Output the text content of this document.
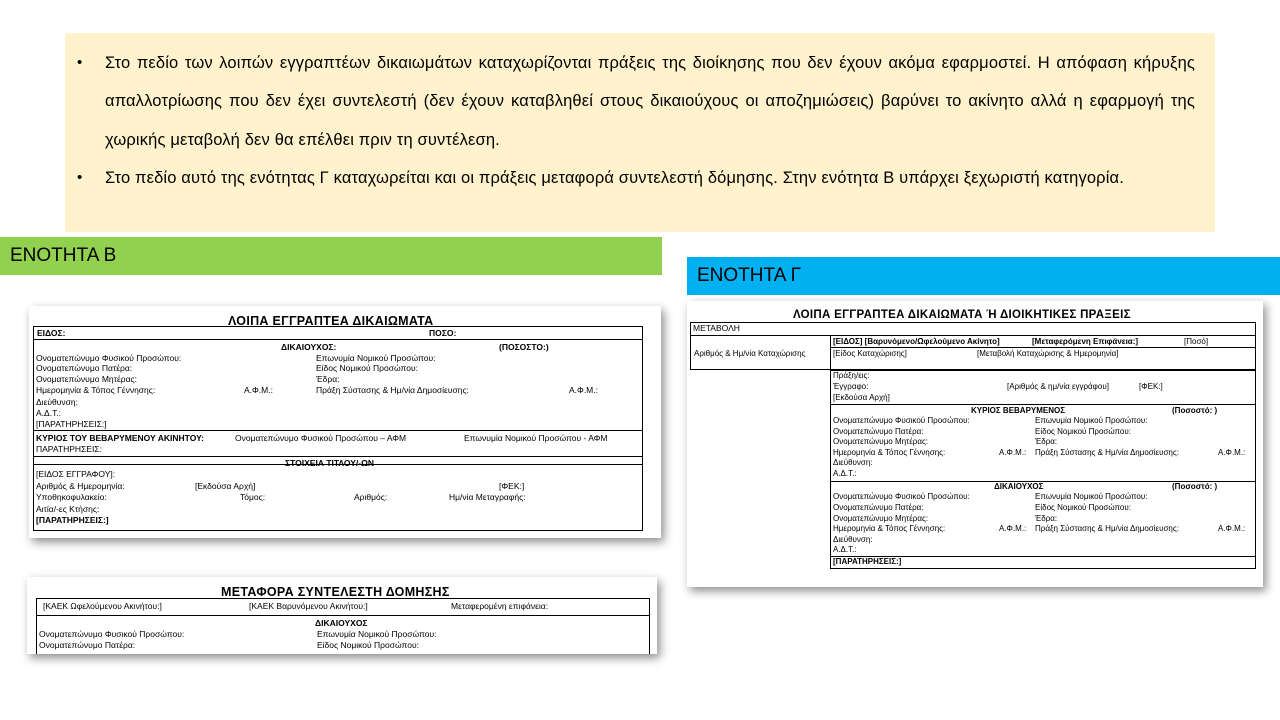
• Στο πεδίο των λοιπών εγγραπτέων δικαιωμάτων καταχωρίζονται πράξεις της διοίκησης που δεν έχουν ακόμα εφαρμοστεί. Η απόφαση κήρυξης απαλλοτρίωσης που δεν έχει συντελεστή (δεν έχουν καταβληθεί στους δικαιούχους οι αποζημιώσεις) βαρύνει το ακίνητο αλλά η εφαρμογή της χωρικής μεταβολή δεν θα επέλθει πριν τη συντέλεση.
• Στο πεδίο αυτό της ενότητας Γ καταχωρείται και οι πράξεις μεταφορά συντελεστή δόμησης. Στην ενότητα Β υπάρχει ξεχωριστή κατηγορία.
ΕΝΟΤΗΤΑ Β
ΕΝΟΤΗΤΑ Γ
ΛΟΙΠΑ ΕΓΓΡΑΠΤΕΑ ΔΙΚΑΙΩΜΑΤΑ
ΕΙΔΟΣ:	ΠΟΣΟ:
ΔΙΚΑΙΟΥΧΟΣ:	(ΠΟΣΟΣΤΟ:)
Ονοματεπώνυμο Φυσικού Προσώπου:	Επωνυμία Νομικού Προσώπου:
Ονοματεπώνυμο Πατέρα:	Είδος Νομικού Προσώπου:
Ονοματεπώνυμο Μητέρας:	Έδρα:
Ημερομηνία & Τόπος Γέννησης:	Α.Φ.Μ.:	Πράξη Σύστασης & Ημ/νία Δημοσίευσης:	Α.Φ.Μ.:
Διεύθυνση:
Α.Δ.Τ.:
[ΠΑΡΑΤΗΡΗΣΕΙΣ:]
ΚΥΡΙΟΣ ΤΟΥ ΒΕΒΑΡΥΜΕΝΟΥ ΑΚΙΝΗΤΟΥ:	Ονοματεπώνυμο Φυσικού Προσώπου – ΑΦΜ	Επωνυμία Νομικού Προσώπου - ΑΦΜ
ΠΑΡΑΤΗΡΗΣΕΙΣ:
ΣΤΟΙΧΕΙΑ ΤΙΤΛΟΥ/-ΩΝ
[ΕΙΔΟΣ ΕΓΓΡΑΦΟΥ]:
Αριθμός & Ημερομηνία:	[Εκδούσα Αρχή]	[ΦΕΚ:]
Υποθηκοφυλακείο:	Τόμος:	Αριθμός:	Ημ/νία Μεταγραφής:
Αιτία/-ες Κτήσης:
[ΠΑΡΑΤΗΡΗΣΕΙΣ:]
ΜΕΤΑΦΟΡΑ ΣΥΝΤΕΛΕΣΤΗ ΔΟΜΗΣΗΣ
[ΚΑΕΚ Ωφελούμενου Ακινήτου:]	[ΚΑΕΚ Βαρυνόμενου Ακινήτου:]	Μεταφερομένη επιφάνεια:
ΔΙΚΑΙΟΥΧΟΣ
Ονοματεπώνυμο Φυσικού Προσώπου:	Επωνυμία Νομικού Προσώπου:
Ονοματεπώνυμο Πατέρα:	Είδος Νομικού Προσώπου:
ΛΟΙΠΑ ΕΓΓΡΑΠΤΕΑ ΔΙΚΑΙΩΜΑΤΑ Ή ΔΙΟΙΚΗΤΙΚΕΣ ΠΡΑΞΕΙΣ
ΜΕΤΑΒΟΛΗ
[ΕΙΔΟΣ] [Βαρυνόμενο/Ωφελούμενο Ακίνητο]	[Μεταφερόμενη Επιφάνεια:]	[Ποσό]
Αριθμός & Ημ/νία Καταχώρισης	[Είδος Καταχώρισης]	[Μεταβολή Καταχώρισης & Ημερομηνία]
Πράξη/εις:
Έγγραφο:	[Αριθμός & ημ/νία εγγράφου]	[ΦΕΚ:]
[Εκδούσα Αρχή]
ΚΥΡΙΟΣ ΒΕΒΑΡΥΜΕΝΟΣ	(Ποσοστό: )
Ονοματεπώνυμο Φυσικού Προσώπου:	Επωνυμία Νομικού Προσώπου:
Ονοματεπώνυμο Πατέρα:	Είδος Νομικού Προσώπου:
Ονοματεπώνυμο Μητέρας:	Έδρα:
Ημερομηνία & Τόπος Γέννησης:	Α.Φ.Μ.: Πράξη Σύστασης & Ημ/νία Δημοσίευσης:	Α.Φ.Μ.:
Διεύθυνση:
Α.Δ.Τ.:
ΔΙΚΑΙΟΥΧΟΣ	(Ποσοστό: )
Ονοματεπώνυμο Φυσικού Προσώπου:	Επωνυμία Νομικού Προσώπου:
Ονοματεπώνυμο Πατέρα:	Είδος Νομικού Προσώπου:
Ονοματεπώνυμο Μητέρας:	Έδρα:
Ημερομηνία & Τόπος Γέννησης:	Α.Φ.Μ.: Πράξη Σύστασης & Ημ/νία Δημοσίευσης:	Α.Φ.Μ.:
Διεύθυνση:
Α.Δ.Τ.:
[ΠΑΡΑΤΗΡΗΣΕΙΣ:]
